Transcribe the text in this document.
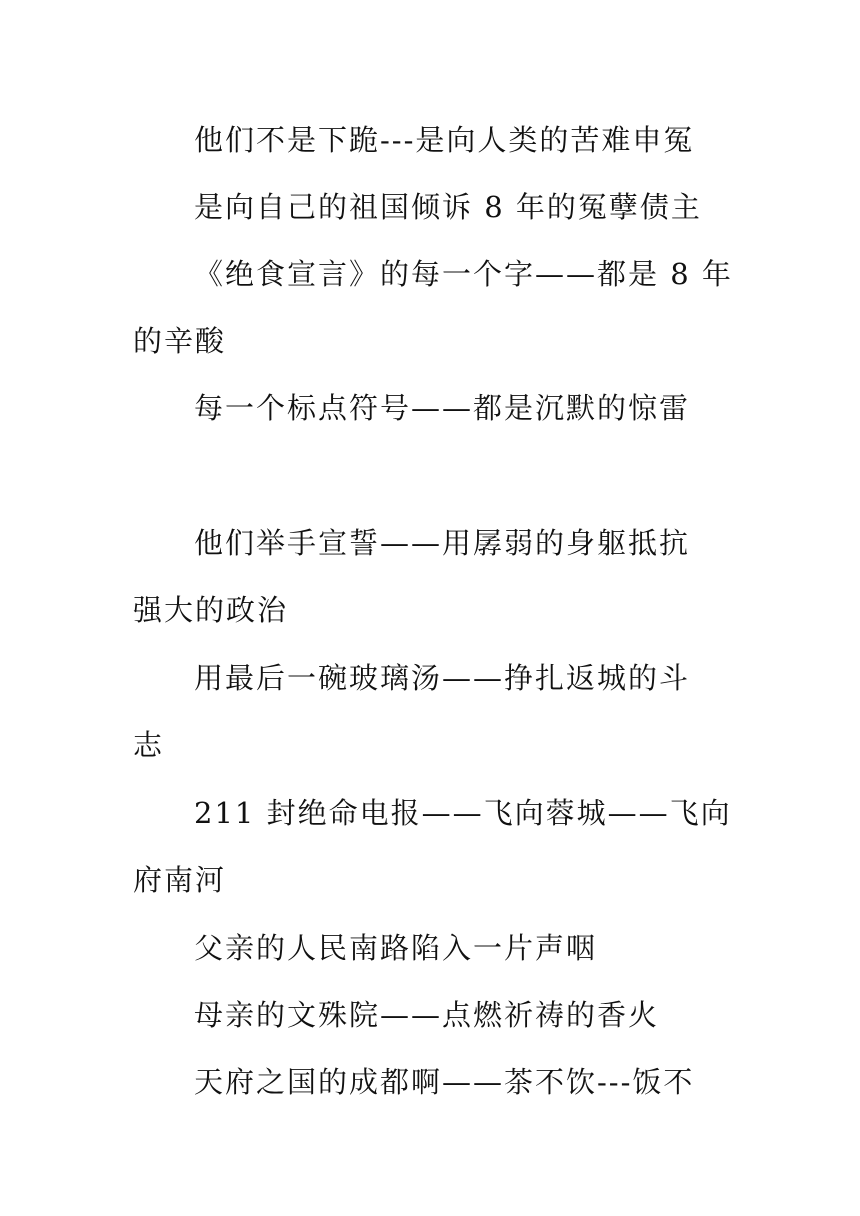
他们不是下跪---是向人类的苦难申冤
是向自己的祖国倾诉 8 年的冤孽债主
《绝食宣言》的每一个字——都是 8 年
的辛酸
每一个标点符号——都是沉默的惊雷
他们举手宣誓——用孱弱的身躯抵抗
强大的政治
用最后一碗玻璃汤——挣扎返城的斗
志
211 封绝命电报——飞向蓉城——飞向
府南河
父亲的人民南路陷入一片声咽
母亲的文殊院——点燃祈祷的香火
天府之国的成都啊——茶不饮---饭不
